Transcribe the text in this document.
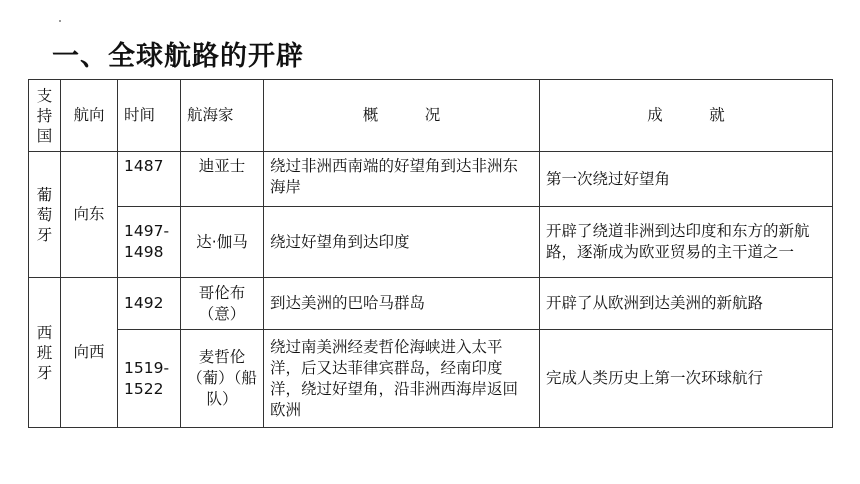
一、全球航路的开辟
支持国	航向	时间	航海家	概　　　况	成　　　就
葡萄牙	向东	1487	迪亚士	绕过非洲西南端的好望角到达非洲东海岸	第一次绕过好望角
		1497-1498	达·伽马	绕过好望角到达印度	开辟了绕道非洲到达印度和东方的新航路，逐渐成为欧亚贸易的主干道之一
西班牙	向西	1492	哥伦布（意）	到达美洲的巴哈马群岛	开辟了从欧洲到达美洲的新航路
		1519-1522	麦哲伦（葡）（船队）	绕过南美洲经麦哲伦海峡进入太平洋，后又达菲律宾群岛，经南印度洋，绕过好望角，沿非洲西海岸返回欧洲	完成人类历史上第一次环球航行
